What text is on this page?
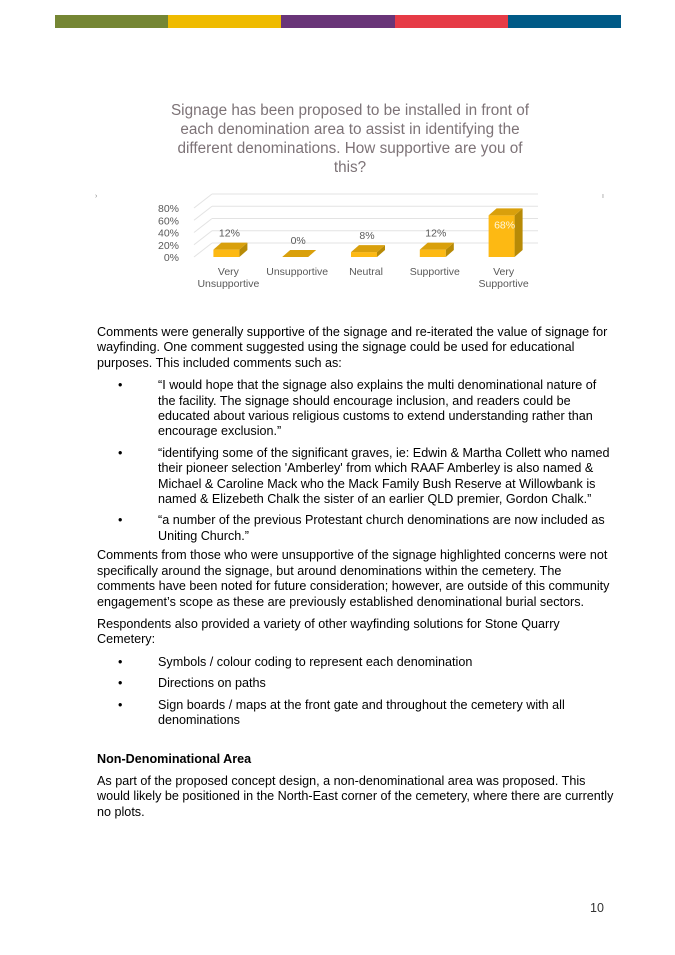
Signage has been proposed to be installed in front of
each denomination area to assist in identifying the
different denominations. How supportive are you of
this?
›	ı
0%
20%
40%
60%
80%
12%
0%	8%	12%
68%
Very
Unsupportive
Unsupportive Neutral	Supportive	Very
Supportive

Comments were generally supportive of the signage and re-iterated the value of signage for wayfinding. One comment suggested using the signage could be used for educational purposes. This included comments such as:

•	“I would hope that the signage also explains the multi denominational nature of the facility. The signage should encourage inclusion, and readers could be educated about various religious customs to extend understanding rather than encourage exclusion.”
•	“identifying some of the significant graves, ie: Edwin & Martha Collett who named their pioneer selection 'Amberley' from which RAAF Amberley is also named & Michael & Caroline Mack who the Mack Family Bush Reserve at Willowbank is named & Elizebeth Chalk the sister of an earlier QLD premier, Gordon Chalk.”
•	“a number of the previous Protestant church denominations are now included as Uniting Church.”

Comments from those who were unsupportive of the signage highlighted concerns were not specifically around the signage, but around denominations within the cemetery. The comments have been noted for future consideration; however, are outside of this community engagement’s scope as these are previously established denominational burial sectors.

Respondents also provided a variety of other wayfinding solutions for Stone Quarry Cemetery:

•	Symbols / colour coding to represent each denomination
•	Directions on paths
•	Sign boards / maps at the front gate and throughout the cemetery with all denominations

Non-Denominational Area

As part of the proposed concept design, a non-denominational area was proposed. This would likely be positioned in the North-East corner of the cemetery, where there are currently no plots.

10
